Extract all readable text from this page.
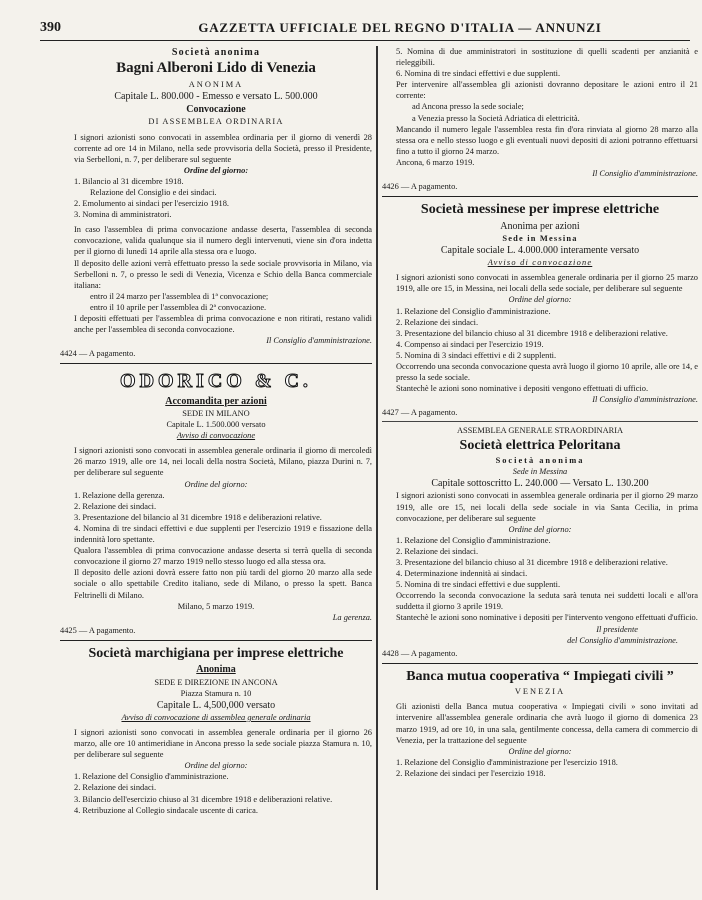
390	GAZZETTA UFFICIALE DEL REGNO D'ITALIA — ANNUNZI

Società anonima

Bagni Alberoni Lido di Venezia

ANONIMA

Capitale L. 800.000 - Emesso e versato L. 500.000

Convocazione

DI ASSEMBLEA ORDINARIA

I signori azionisti sono convocati in assemblea ordinaria per il giorno di venerdì 28 corrente ad ore 14 in Milano, nella sede provvisoria della Società, presso il Presidente, via Serbelloni, n. 7, per deliberare sul seguente

Ordine del giorno:

1. Bilancio al 31 dicembre 1918.

Relazione del Consiglio e dei sindaci.

2. Emolumento ai sindaci per l'esercizio 1918.

3. Nomina di amministratori.

In caso l'assemblea di prima convocazione andasse deserta, l'assemblea di seconda convocazione, valida qualunque sia il numero degli intervenuti, viene sin d'ora indetta per il giorno di lunedì 14 aprile alla stessa ora e luogo.

Il deposito delle azioni verrà effettuato presso la sede sociale provvisoria in Milano, via Serbelloni n. 7, o presso le sedi di Venezia, Vicenza e Schio della Banca commerciale italiana:

entro il 24 marzo per l'assemblea di 1ª convocazione;

entro il 10 aprile per l'assemblea di 2ª convocazione.

I depositi effettuati per l'assemblea di prima convocazione e non ritirati, restano validi anche per l'assemblea di seconda convocazione.

Il Consiglio d'amministrazione.

4424 — A pagamento.

ODORICO & C.

Accomandita per azioni

SEDE IN MILANO

Capitale L. 1.500.000 versato

Avviso di convocazione

I signori azionisti sono convocati in assemblea generale ordinaria il giorno di mercoledì 26 marzo 1919, alle ore 14, nei locali della nostra Società, Milano, piazza Durini n. 7, per deliberare sul seguente

Ordine del giorno:

1. Relazione della gerenza.

2. Relazione dei sindaci.

3. Presentazione del bilancio al 31 dicembre 1918 e deliberazioni relative.

4. Nomina di tre sindaci effettivi e due supplenti per l'esercizio 1919 e fissazione della indennità loro spettante.

Qualora l'assemblea di prima convocazione andasse deserta si terrà quella di seconda convocazione il giorno 27 marzo 1919 nello stesso luogo ed alla stessa ora.

Il deposito delle azioni dovrà essere fatto non più tardi del giorno 20 marzo alla sede sociale o allo spettabile Credito italiano, sede di Milano, o presso la spett. Banca Feltrinelli di Milano.

Milano, 5 marzo 1919.

La gerenza.

4425 — A pagamento.

Società marchigiana per imprese elettriche

Anonima

SEDE E DIREZIONE IN ANCONA

Piazza Stamura n. 10

Capitale L. 4,500,000 versato

Avviso di convocazione di assemblea generale ordinaria

I signori azionisti sono convocati in assemblea generale ordinaria per il giorno 26 marzo, alle ore 10 antimeridiane in Ancona presso la sede sociale piazza Stamura n. 10, per deliberare sul seguente

Ordine del giorno:

1. Relazione del Consiglio d'amministrazione.

2. Relazione dei sindaci.

3. Bilancio dell'esercizio chiuso al 31 dicembre 1918 e deliberazioni relative.

4. Retribuzione al Collegio sindacale uscente di carica.

5. Nomina di due amministratori in sostituzione di quelli scadenti per anzianità e rieleggibili.

6. Nomina di tre sindaci effettivi e due supplenti.

Per intervenire all'assemblea gli azionisti dovranno depositare le azioni entro il 21 corrente:

ad Ancona presso la sede sociale;

a Venezia presso la Società Adriatica di elettricità.

Mancando il numero legale l'assemblea resta fin d'ora rinviata al giorno 28 marzo alla stessa ora e nello stesso luogo e gli eventuali nuovi depositi di azioni potranno effettuarsi fino a tutto il giorno 24 marzo.

Ancona, 6 marzo 1919.

Il Consiglio d'amministrazione.

4426 — A pagamento.

Società messinese per imprese elettriche

Anonima per azioni

Sede in Messina

Capitale sociale L. 4.000.000 interamente versato

Avviso di convocazione

I signori azionisti sono convocati in assemblea generale ordinaria per il giorno 25 marzo 1919, alle ore 15, in Messina, nei locali della sede sociale, per deliberare sul seguente

Ordine del giorno:

1. Relazione del Consiglio d'amministrazione.

2. Relazione dei sindaci.

3. Presentazione del bilancio chiuso al 31 dicembre 1918 e deliberazioni relative.

4. Compenso ai sindaci per l'esercizio 1919.

5. Nomina di 3 sindaci effettivi e di 2 supplenti.

Occorrendo una seconda convocazione questa avrà luogo il giorno 10 aprile, alle ore 14, e presso la sede sociale.

Stantechè le azioni sono nominative i depositi vengono effettuati di ufficio.

Il Consiglio d'amministrazione.

4427 — A pagamento.

ASSEMBLEA GENERALE STRAORDINARIA

Società elettrica Peloritana

Società anonima

Sede in Messina

Capitale sottoscritto L. 240.000 — Versato L. 130.200

I signori azionisti sono convocati in assemblea generale ordinaria per il giorno 29 marzo 1919, alle ore 15, nei locali della sede sociale in via Santa Cecilia, in prima convocazione, per deliberare sul seguente

Ordine del giorno:

1. Relazione del Consiglio d'amministrazione.

2. Relazione dei sindaci.

3. Presentazione del bilancio chiuso al 31 dicembre 1918 e deliberazioni relative.

4. Determinazione indennità ai sindaci.

5. Nomina di tre sindaci effettivi e due supplenti.

Occorrendo la seconda convocazione la seduta sarà tenuta nei suddetti locali e all'ora suddetta il giorno 3 aprile 1919.

Stantechè le azioni sono nominative i depositi per l'intervento vengono effettuati d'ufficio.

Il presidente

del Consiglio d'amministrazione.

4428 — A pagamento.

Banca mutua cooperativa “ Impiegati civili ”

VENEZIA

Gli azionisti della Banca mutua cooperativa « Impiegati civili » sono invitati ad intervenire all'assemblea generale ordinaria che avrà luogo il giorno di domenica 23 marzo 1919, ad ore 10, in una sala, gentilmente concessa, della camera di commercio di Venezia, per la trattazione del seguente

Ordine del giorno:

1. Relazione del Consiglio d'amministrazione per l'esercizio 1918.

2. Relazione dei sindaci per l'esercizio 1918.
